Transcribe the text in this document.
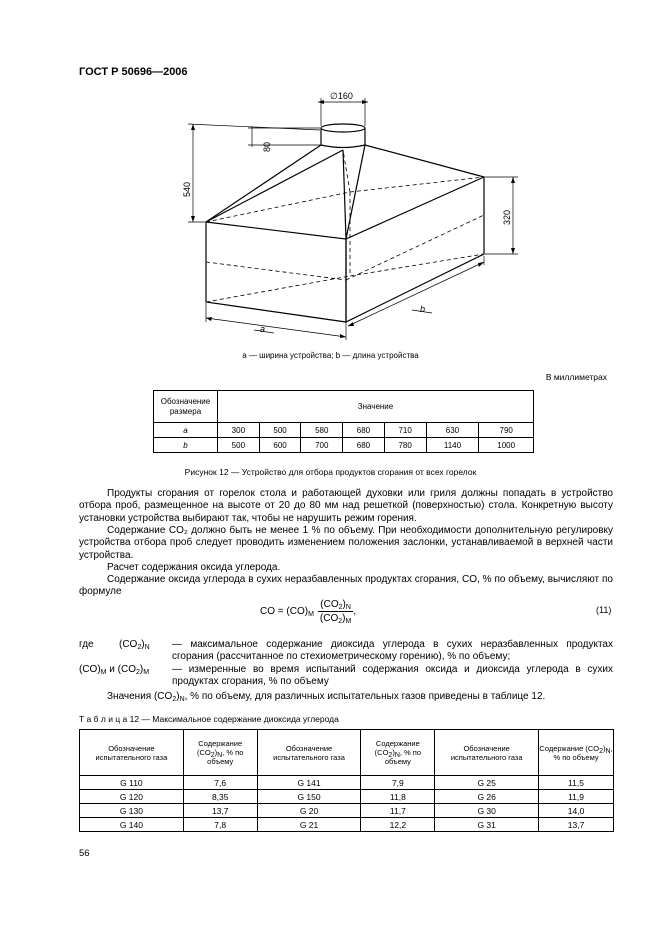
ГОСТ Р 50696—2006
∅160
80
540
320
a
b
a — ширина устройства; b — длина устройства
В миллиметрах
Обозначение размера	Значение						
a	300	500	580	680	710	630	790
b	500	600	700	680	780	1140	1000
Рисунок 12 — Устройство для отбора продуктов сгорания от всех горелок
Продукты сгорания от горелок стола и работающей духовки или гриля должны попадать в устройство отбора проб, размещенное на высоте от 20 до 80 мм над решеткой (поверхностью) стола. Конкретную высоту установки устройства выбирают так, чтобы не нарушить режим горения.
Содержание CO₂ должно быть не менее 1 % по объему. При необходимости дополнительную регулировку устройства отбора проб следует проводить изменением положения заслонки, устанавливаемой в верхней части устройства.
Расчет содержания оксида углерода.
Содержание оксида углерода в сухих неразбавленных продуктах сгорания, CO, % по объему, вычисляют по формуле
CO = $(CO)_M \frac{(CO_2)_N}{(CO_2)_M}$ ,	(11)
где	$(CO_2)_N$ — максимальное содержание диоксида углерода в сухих неразбавленных продуктах сгорания (рассчитанное по стехиометрическому горению), % по объему;
$(CO)_M$ и $(CO_2)_M$ — измеренные во время испытаний содержания оксида и диоксида углерода в сухих продуктах сгорания, % по объему
Значения $(CO_2)_N$, % по объему, для различных испытательных газов приведены в таблице 12.
Т а б л и ц а 12 — Максимальное содержание диоксида углерода
Обозначение испытательного газа	Содержание $(CO_2)_N$, % по объему	Обозначение испытательного газа	Содержание $(CO_2)_N$, % по объему	Обозначение испытательного газа	Содержание $(CO_2)_N$, % по объему
G 110	7,6	G 141	7,9	G 25	11,5
G 120	8,35	G 150	11,8	G 26	11,9
G 130	13,7	G 20	11,7	G 30	14,0
G 140	7,8	G 21	12,2	G 31	13,7
56
